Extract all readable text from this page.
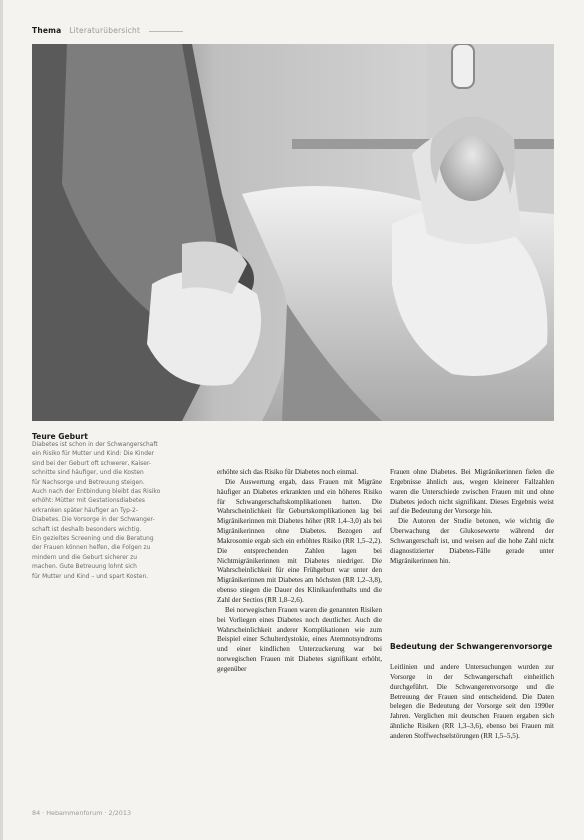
Thema Literaturübersicht
Teure Geburt

Diabetes ist schon in der Schwangerschaft
ein Risiko für Mutter und Kind: Die Kinder
sind bei der Geburt oft schwerer, Kaiser-
schnitte sind häufiger, und die Kosten
für Nachsorge und Betreuung steigen.
Auch nach der Entbindung bleibt das Risiko
erhöht: Mütter mit Gestationsdiabetes
erkranken später häufiger an Typ-2-
Diabetes. Die Vorsorge in der Schwanger-
schaft ist deshalb besonders wichtig.
Ein gezieltes Screening und die Beratung
der Frauen können helfen, die Folgen zu
mindern und die Geburt sicherer zu
machen. Gute Betreuung lohnt sich
für Mutter und Kind – und spart Kosten.

erhöhte sich das Risiko für Diabetes noch einmal.

Die Auswertung ergab, dass Frauen mit Migräne häufiger an Diabetes erkrankten und ein höheres Risiko für Schwangerschaftskomplikationen hatten. Die Wahrscheinlichkeit für Geburtskomplikationen lag bei Migränikerinnen mit Diabetes höher (RR 1,4–3,0) als bei Migränikerinnen ohne Diabetes. Bezogen auf Makrosomie ergab sich ein erhöhtes Risiko (RR 1,5–2,2). Die entsprechenden Zahlen lagen bei Nichtmigränikerinnen mit Diabetes niedriger. Die Wahrscheinlichkeit für eine Frühgeburt war unter den Migränikerinnen mit Diabetes am höchsten (RR 1,2–3,8), ebenso stiegen die Dauer des Klinikaufenthalts und die Zahl der Sectios (RR 1,8–2,6).

Bei norwegischen Frauen waren die genannten Risiken bei Vorliegen eines Diabetes noch deutlicher. Auch die Wahrscheinlichkeit anderer Komplikationen wie zum Beispiel einer Schulterdystokie, eines Atemnotsyndroms und einer kindlichen Unterzuckerung war bei norwegischen Frauen mit Diabetes signifikant erhöht, gegenüber

Frauen ohne Diabetes. Bei Migränikerinnen fielen die Ergebnisse ähnlich aus, wegen kleinerer Fallzahlen waren die Unterschiede zwischen Frauen mit und ohne Diabetes jedoch nicht signifikant. Dieses Ergebnis weist auf die Bedeutung der Vorsorge hin.

Die Autoren der Studie betonen, wie wichtig die Überwachung der Glukosewerte während der Schwangerschaft ist, und weisen auf die hohe Zahl nicht diagnostizierter Diabetes-Fälle gerade unter Migränikerinnen hin.

Bedeutung der Schwangerenvorsorge

Leitlinien und andere Untersuchungen wurden zur Vorsorge in der Schwangerschaft einheitlich durchgeführt. Die Schwangerenvorsorge und die Betreuung der Frauen sind entscheidend. Die Daten belegen die Bedeutung der Vorsorge seit den 1990er Jahren. Verglichen mit deutschen Frauen ergaben sich ähnliche Risiken (RR 1,3–3,6), ebenso bei Frauen mit anderen Stoffwechselstörungen (RR 1,5–5,5).

84 · Hebammenforum · 2/2013
